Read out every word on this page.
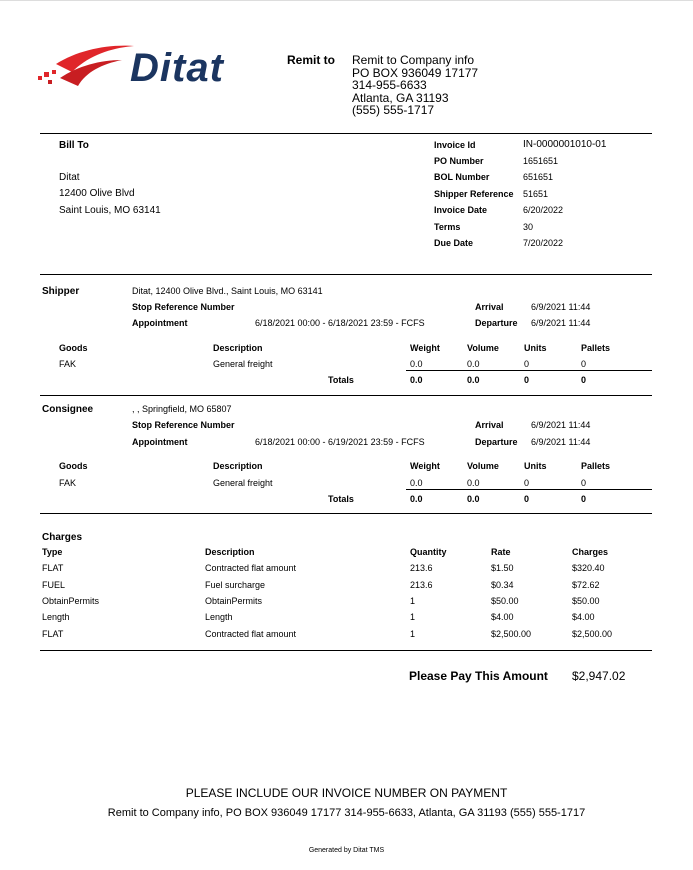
Ditat	Remit to Remit to Company info
PO BOX 936049 17177
314-955-6633
Atlanta, GA 31193
(555) 555-1717
Bill To
Ditat
12400 Olive Blvd
Saint Louis, MO 63141
Invoice Id	IN-0000001010-01
PO Number	1651651
BOL Number	651651
Shipper Reference 51651
Invoice Date	6/20/2022
Terms	30
Due Date	7/20/2022
Shipper	Ditat, 12400 Olive Blvd., Saint Louis, MO 63141
Stop Reference Number
Appointment	6/18/2021 00:00 - 6/18/2021 23:59 - FCFS
Arrival	6/9/2021 11:44
Departure 6/9/2021 11:44
Goods	Description	Weight	Volume	Units	Pallets
FAK	General freight	0.0	0.0	0	0
Totals	0.0	0.0	0	0
Consignee	, , Springfield, MO 65807
Stop Reference Number
Appointment	6/18/2021 00:00 - 6/19/2021 23:59 - FCFS
Arrival	6/9/2021 11:44
Departure 6/9/2021 11:44
Goods	Description	Weight	Volume	Units	Pallets
FAK	General freight	0.0	0.0	0	0
Totals	0.0	0.0	0	0
Charges
Type	Description	Quantity	Rate	Charges
FLAT	Contracted flat amount	213.6	$1.50	$320.40
FUEL	Fuel surcharge	213.6	$0.34	$72.62
ObtainPermits	ObtainPermits	1	$50.00	$50.00
Length	Length	1	$4.00	$4.00
FLAT	Contracted flat amount	1	$2,500.00	$2,500.00
Please Pay This Amount $2,947.02
PLEASE INCLUDE OUR INVOICE NUMBER ON PAYMENT
Remit to Company info, PO BOX 936049 17177 314-955-6633, Atlanta, GA 31193 (555) 555-1717
Generated by Ditat TMS
